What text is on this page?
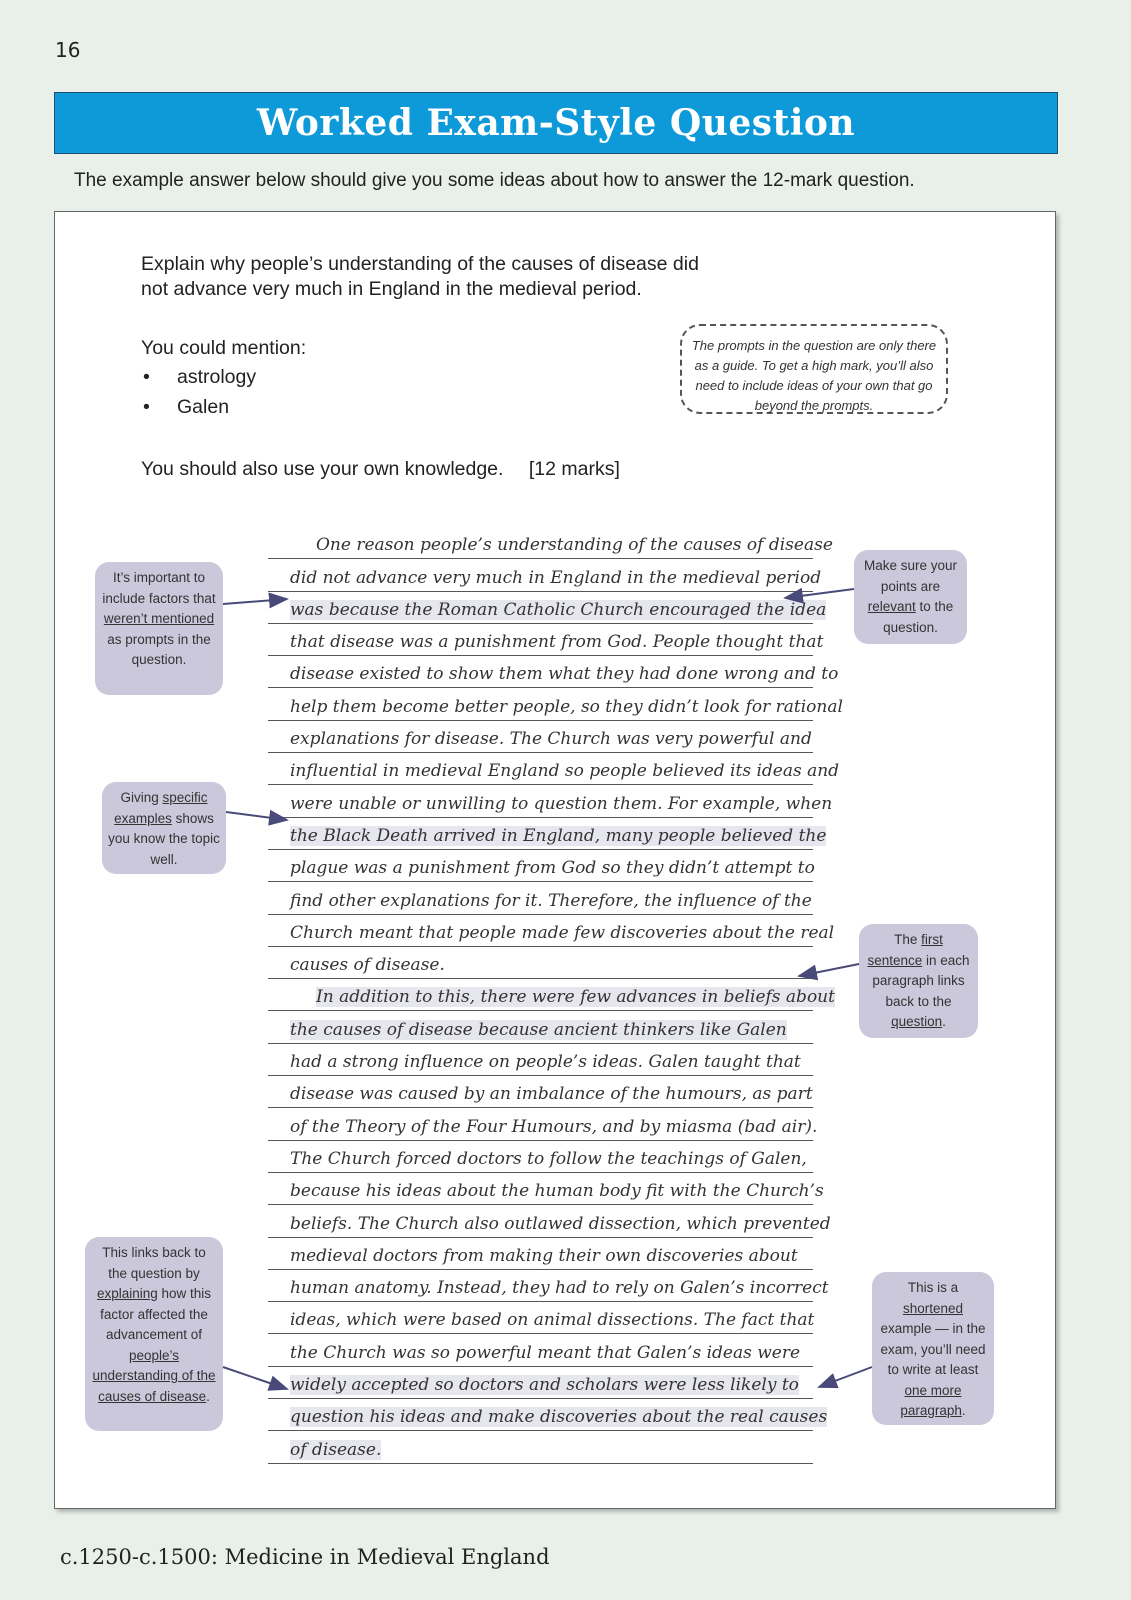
16
Worked Exam-Style Question
The example answer below should give you some ideas about how to answer the 12-mark question.
Explain why people’s understanding of the causes of disease did
not advance very much in England in the medieval period.
You could mention:
• astrology
• Galen
You should also use your own knowledge. [12 marks]
The prompts in the question are only there as a guide. To get a high mark, you’ll also need to include ideas of your own that go beyond the prompts.
One reason people’s understanding of the causes of disease
did not advance very much in England in the medieval period
was because the Roman Catholic Church encouraged the idea
that disease was a punishment from God. People thought that
disease existed to show them what they had done wrong and to
help them become better people, so they didn’t look for rational
explanations for disease. The Church was very powerful and
influential in medieval England so people believed its ideas and
were unable or unwilling to question them. For example, when
the Black Death arrived in England, many people believed the
plague was a punishment from God so they didn’t attempt to
find other explanations for it. Therefore, the influence of the
Church meant that people made few discoveries about the real
causes of disease.
In addition to this, there were few advances in beliefs about
the causes of disease because ancient thinkers like Galen
had a strong influence on people’s ideas. Galen taught that
disease was caused by an imbalance of the humours, as part
of the Theory of the Four Humours, and by miasma (bad air).
The Church forced doctors to follow the teachings of Galen,
because his ideas about the human body fit with the Church’s
beliefs. The Church also outlawed dissection, which prevented
medieval doctors from making their own discoveries about
human anatomy. Instead, they had to rely on Galen’s incorrect
ideas, which were based on animal dissections. The fact that
the Church was so powerful meant that Galen’s ideas were
widely accepted so doctors and scholars were less likely to
question his ideas and make discoveries about the real causes
of disease.
It’s important to include factors that weren’t mentioned as prompts in the question.
Giving specific examples shows you know the topic well.
This links back to the question by explaining how this factor affected the advancement of people’s understanding of the causes of disease.
Make sure your points are relevant to the question.
The first sentence in each paragraph links back to the question.
This is a shortened example — in the exam, you’ll need to write at least one more paragraph.
c.1250-c.1500: Medicine in Medieval England
